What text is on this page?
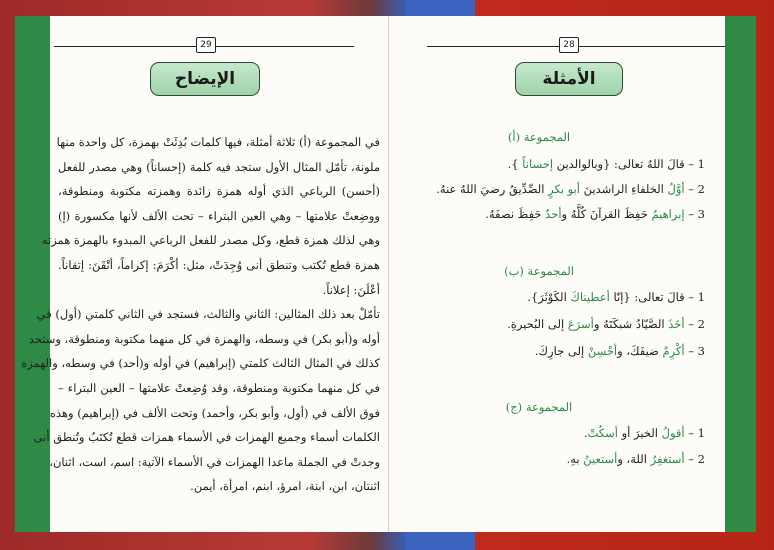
29
الإيضاح
في المجموعة (أ) ثلاثة أمثلة، فيها كلمات بُدِئَتْ بهمزة، كل واحدة منها
ملونة، تأمّل المثال الأول ستجد فيه كلمة (إحساناً) وهي مصدر للفعل
(أحسن) الرباعي الذي أوله همزة زائدة وهمزته مكتوبة ومنطوقة،
ووضِعتْ علامتها – وهي العين البتراء – تحت الألف لأنها مكسورة (إ)
وهي لذلك همزة قطع، وكل مصدر للفعل الرباعي المبدوء بالهمزة همزته
همزة قطع تُكتب وتنطق أنى وُجِدَتْ، مثل: أكْرَمَ: إكراماً، أتْقَنَ: إتقاناً.
أعْلَنَ: إعلاناً.
تأمّلْ بعد ذلك المثالين: الثاني والثالث، فستجد في الثاني كلمتي (أول) في
أوله و(أبو بكر) في وسطه، والهمزة في كل منهما مكتوبة ومنطوقة، وستجد
كذلك في المثال الثالث كلمتي (إبراهيم) في أوله و(أحد) في وسطه، والهمزة
في كل منهما مكتوبة ومنطوقة، وقد وُضِعتْ علامتها – العين البتراء –
فوق الألف في (أول، وأبو بكر، وأحمد) وتحت الألف في (إبراهيم) وهذه
الكلمات أسماء وجميع الهمزات في الأسماء همزات قطع تُكتَبُ وتُنطق أنى
وجدتْ في الجملة ماعدا الهمزات في الأسماء الآتية: اسم، است، اثنان،
اثنتان، ابن، ابنة، امرؤ، ابنم، امرأة، أيمن.
28
الأمثلة
المجموعة (أ)
1 – قالَ اللهُ تعالى: {وبالوالدين إحساناً }.
2 – أوَّلُ الخلفاءِ الراشدينَ أبو بكرٍ الصِّدِّيقُ رضيَ اللهُ عنهُ.
3 – إبراهيمُ حَفِظَ القرآنَ كُلَّهُ وأحدٌ حَفِظَ نصفَهُ.
المجموعة (ب)
1 – قالَ تعالى: {إنّا أعطيناكَ الكَوْثَرَ}.
2 – أخَذَ الصَّيّادُ شبكَتَهُ وأسرَعَ إلى البُحيرةِ.
3 – أكْرِمْ ضيفَكَ، وأحْسِنْ إلى جارِكَ.
المجموعة (ج)
1 – أقولُ الخيرَ أو أسكُتْ.
2 – أستغفِرُ اللهَ، وأستعينُ بهِ.
